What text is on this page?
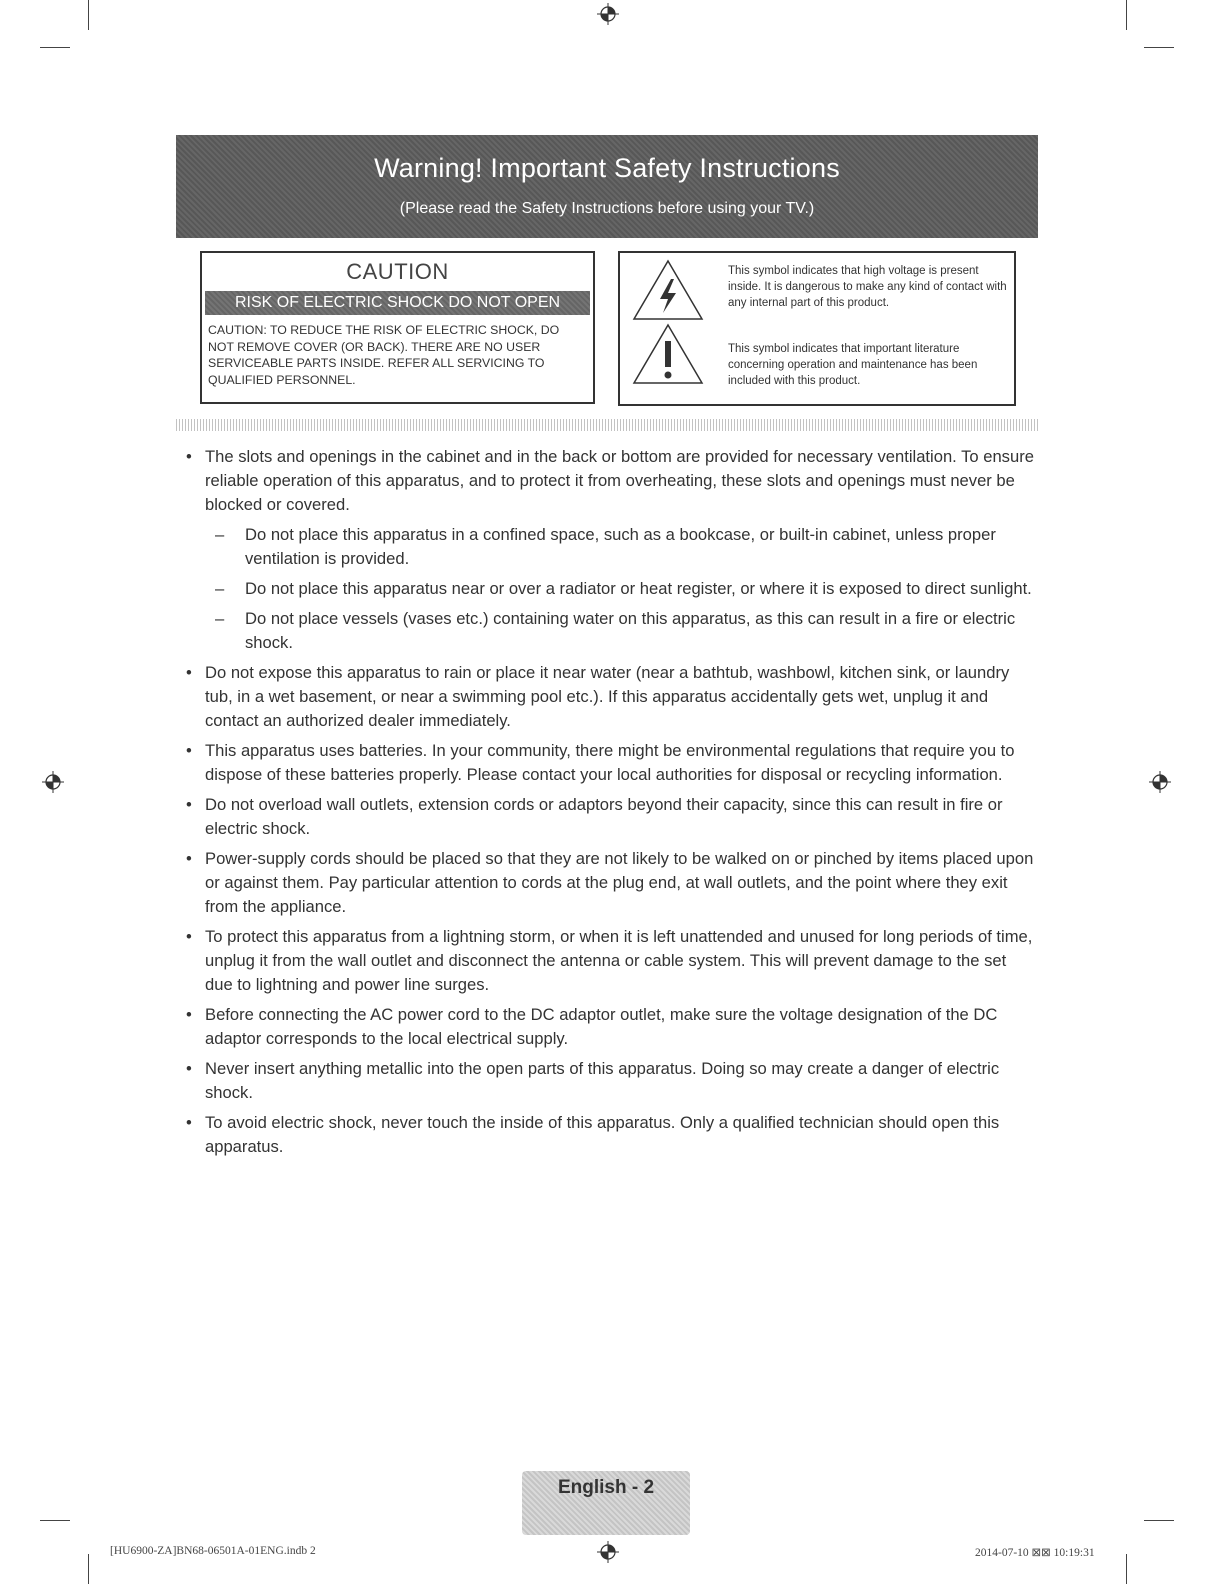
Warning! Important Safety Instructions
(Please read the Safety Instructions before using your TV.)
CAUTION
RISK OF ELECTRIC SHOCK DO NOT OPEN
CAUTION: TO REDUCE THE RISK OF ELECTRIC SHOCK, DO
NOT REMOVE COVER (OR BACK). THERE ARE NO USER
SERVICEABLE PARTS INSIDE. REFER ALL SERVICING TO
QUALIFIED PERSONNEL.
This symbol indicates that high voltage is present inside. It is dangerous to make any kind of contact with any internal part of this product.
This symbol indicates that important literature concerning operation and maintenance has been included with this product.
• The slots and openings in the cabinet and in the back or bottom are provided for necessary ventilation. To ensure reliable operation of this apparatus, and to protect it from overheating, these slots and openings must never be blocked or covered.
– Do not place this apparatus in a confined space, such as a bookcase, or built-in cabinet, unless proper ventilation is provided.
– Do not place this apparatus near or over a radiator or heat register, or where it is exposed to direct sunlight.
– Do not place vessels (vases etc.) containing water on this apparatus, as this can result in a fire or electric shock.
• Do not expose this apparatus to rain or place it near water (near a bathtub, washbowl, kitchen sink, or laundry tub, in a wet basement, or near a swimming pool etc.). If this apparatus accidentally gets wet, unplug it and contact an authorized dealer immediately.
• This apparatus uses batteries. In your community, there might be environmental regulations that require you to dispose of these batteries properly. Please contact your local authorities for disposal or recycling information.
• Do not overload wall outlets, extension cords or adaptors beyond their capacity, since this can result in fire or electric shock.
• Power-supply cords should be placed so that they are not likely to be walked on or pinched by items placed upon or against them. Pay particular attention to cords at the plug end, at wall outlets, and the point where they exit from the appliance.
• To protect this apparatus from a lightning storm, or when it is left unattended and unused for long periods of time, unplug it from the wall outlet and disconnect the antenna or cable system. This will prevent damage to the set due to lightning and power line surges.
• Before connecting the AC power cord to the DC adaptor outlet, make sure the voltage designation of the DC adaptor corresponds to the local electrical supply.
• Never insert anything metallic into the open parts of this apparatus. Doing so may create a danger of electric shock.
• To avoid electric shock, never touch the inside of this apparatus. Only a qualified technician should open this apparatus.
English - 2
[HU6900-ZA]BN68-06501A-01ENG.indb 2	2014-07-10 ⊠⊠ 10:19:31
